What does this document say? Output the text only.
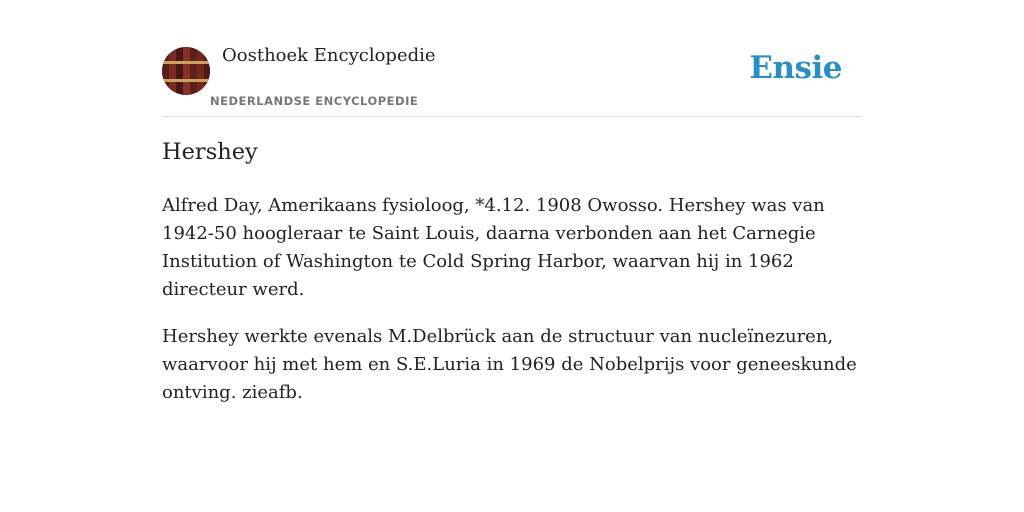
Oosthoek Encyclopedie
NEDERLANDSE ENCYCLOPEDIE
Ensie
Hershey

Alfred Day, Amerikaans fysioloog, *4.12. 1908 Owosso. Hershey was van 1942-50 hoogleraar te Saint Louis, daarna verbonden aan het Carnegie Institution of Washington te Cold Spring Harbor, waarvan hij in 1962 directeur werd.

Hershey werkte evenals M.Delbrück aan de structuur van nucleïnezuren, waarvoor hij met hem en S.E.Luria in 1969 de Nobelprijs voor geneeskunde ontving. zieafb.
